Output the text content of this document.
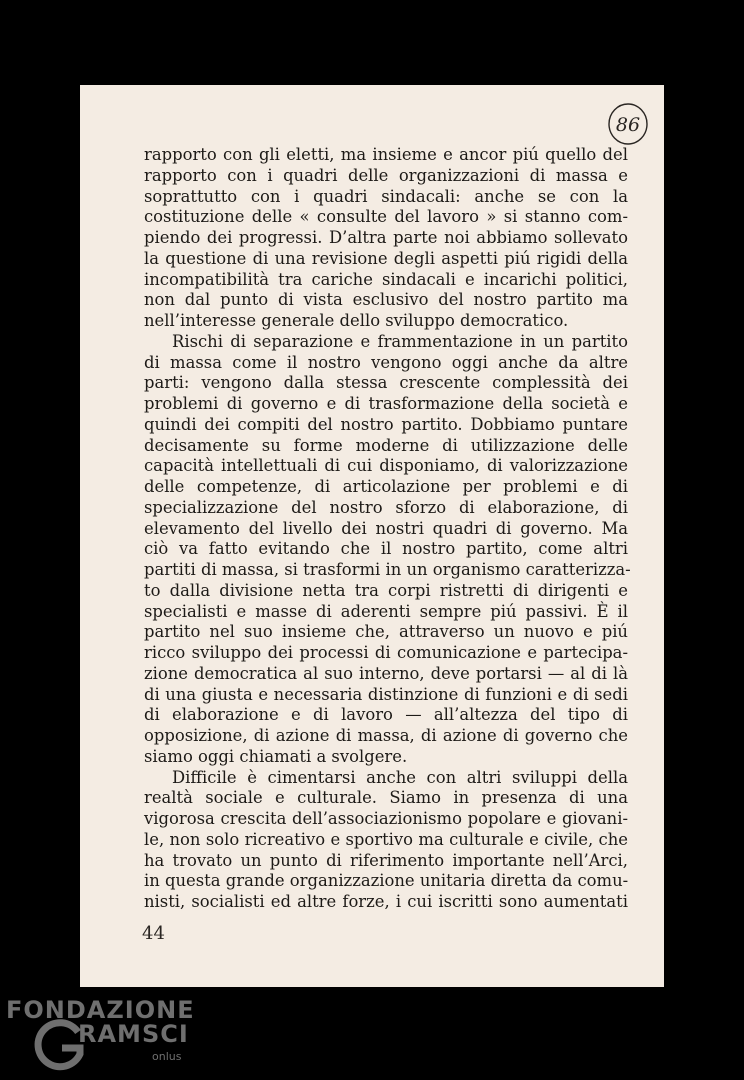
86
rapporto con gli eletti, ma insieme e ancor piú quello del
rapporto con i quadri delle organizzazioni di massa e
soprattutto con i quadri sindacali: anche se con la
costituzione delle « consulte del lavoro » si stanno com-
piendo dei progressi. D’altra parte noi abbiamo sollevato
la questione di una revisione degli aspetti piú rigidi della
incompatibilità tra cariche sindacali e incarichi politici,
non dal punto di vista esclusivo del nostro partito ma
nell’interesse generale dello sviluppo democratico.
Rischi di separazione e frammentazione in un partito
di massa come il nostro vengono oggi anche da altre
parti: vengono dalla stessa crescente complessità dei
problemi di governo e di trasformazione della società e
quindi dei compiti del nostro partito. Dobbiamo puntare
decisamente su forme moderne di utilizzazione delle
capacità intellettuali di cui disponiamo, di valorizzazione
delle competenze, di articolazione per problemi e di
specializzazione del nostro sforzo di elaborazione, di
elevamento del livello dei nostri quadri di governo. Ma
ciò va fatto evitando che il nostro partito, come altri
partiti di massa, si trasformi in un organismo caratterizza-
to dalla divisione netta tra corpi ristretti di dirigenti e
specialisti e masse di aderenti sempre piú passivi. È il
partito nel suo insieme che, attraverso un nuovo e piú
ricco sviluppo dei processi di comunicazione e partecipa-
zione democratica al suo interno, deve portarsi — al di là
di una giusta e necessaria distinzione di funzioni e di sedi
di elaborazione e di lavoro — all’altezza del tipo di
opposizione, di azione di massa, di azione di governo che
siamo oggi chiamati a svolgere.
Difficile è cimentarsi anche con altri sviluppi della
realtà sociale e culturale. Siamo in presenza di una
vigorosa crescita dell’associazionismo popolare e giovani-
le, non solo ricreativo e sportivo ma culturale e civile, che
ha trovato un punto di riferimento importante nell’Arci,
in questa grande organizzazione unitaria diretta da comu-
nisti, socialisti ed altre forze, i cui iscritti sono aumentati
44
FONDAZIONE
RAMSCI
onlus
